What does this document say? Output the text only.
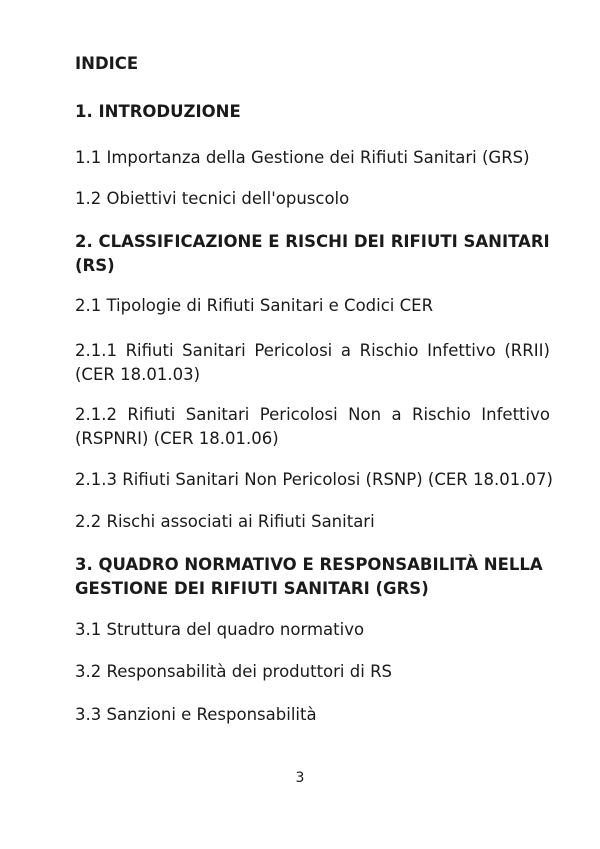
INDICE

1. INTRODUZIONE

1.1 Importanza della Gestione dei Rifiuti Sanitari (GRS)

1.2 Obiettivi tecnici dell'opuscolo

2. CLASSIFICAZIONE E RISCHI DEI RIFIUTI SANITARI

(RS)

2.1 Tipologie di Rifiuti Sanitari e Codici CER

2.1.1 Rifiuti Sanitari Pericolosi a Rischio Infettivo (RRII)

(CER 18.01.03)

2.1.2 Rifiuti Sanitari Pericolosi Non a Rischio Infettivo

(RSPNRI) (CER 18.01.06)

2.1.3 Rifiuti Sanitari Non Pericolosi (RSNP) (CER 18.01.07)

2.2 Rischi associati ai Rifiuti Sanitari

3. QUADRO NORMATIVO E RESPONSABILITÀ NELLA

GESTIONE DEI RIFIUTI SANITARI (GRS)

3.1 Struttura del quadro normativo

3.2 Responsabilità dei produttori di RS

3.3 Sanzioni e Responsabilità

3
